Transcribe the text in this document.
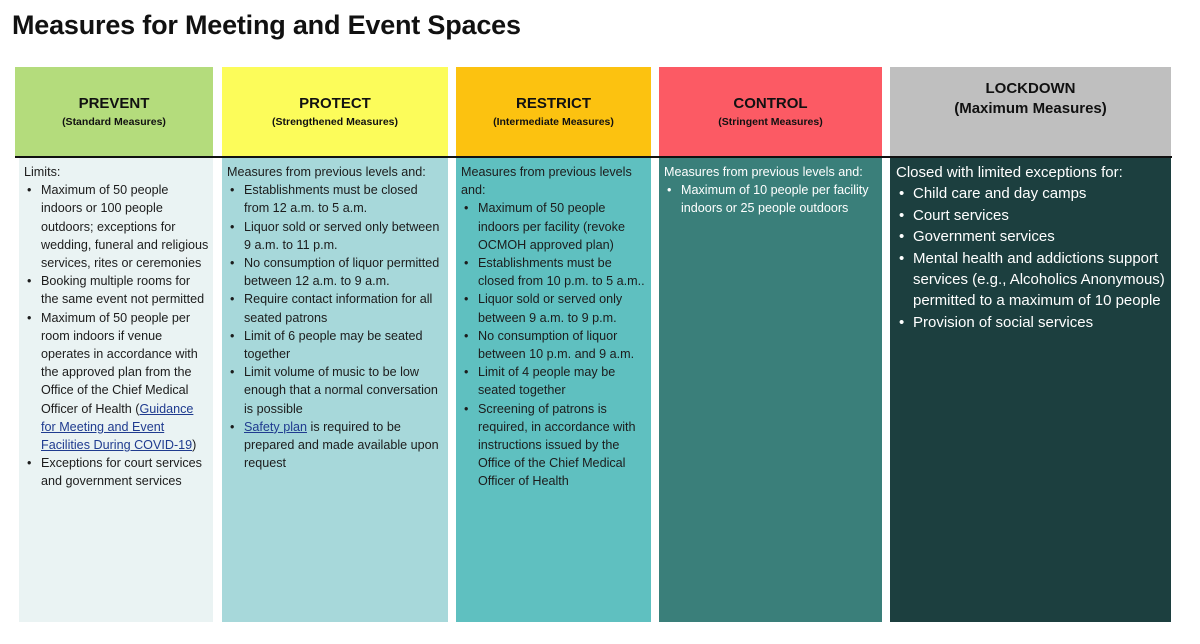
Measures for Meeting and Event Spaces
PREVENT
(Standard Measures)

Limits:

• Maximum of 50 people indoors or 100 people outdoors; exceptions for wedding, funeral and religious services, rites or ceremonies
• Booking multiple rooms for the same event not permitted
• Maximum of 50 people per room indoors if venue operates in accordance with the approved plan from the Office of the Chief Medical Officer of Health (Guidance for Meeting and Event Facilities During COVID-19)
• Exceptions for court services and government services
PROTECT
(Strengthened Measures)

Measures from previous levels and:

• Establishments must be closed from 12 a.m. to 5 a.m.
• Liquor sold or served only between 9 a.m. to 11 p.m.
• No consumption of liquor permitted between 12 a.m. to 9 a.m.
• Require contact information for all seated patrons
• Limit of 6 people may be seated together
• Limit volume of music to be low enough that a normal conversation is possible
• Safety plan is required to be prepared and made available upon request
RESTRICT
(Intermediate Measures)

Measures from previous levels and:

• Maximum of 50 people indoors per facility (revoke OCMOH approved plan)
• Establishments must be closed from 10 p.m. to 5 a.m..
• Liquor sold or served only between 9 a.m. to 9 p.m.
• No consumption of liquor between 10 p.m. and 9 a.m.
• Limit of 4 people may be seated together
• Screening of patrons is required, in accordance with instructions issued by the Office of the Chief Medical Officer of Health
CONTROL
(Stringent Measures)

Measures from previous levels and:

• Maximum of 10 people per facility indoors or 25 people outdoors
LOCKDOWN
(Maximum Measures)

Closed with limited exceptions for:

• Child care and day camps
• Court services
• Government services
• Mental health and addictions support services (e.g., Alcoholics Anonymous) permitted to a maximum of 10 people
• Provision of social services
